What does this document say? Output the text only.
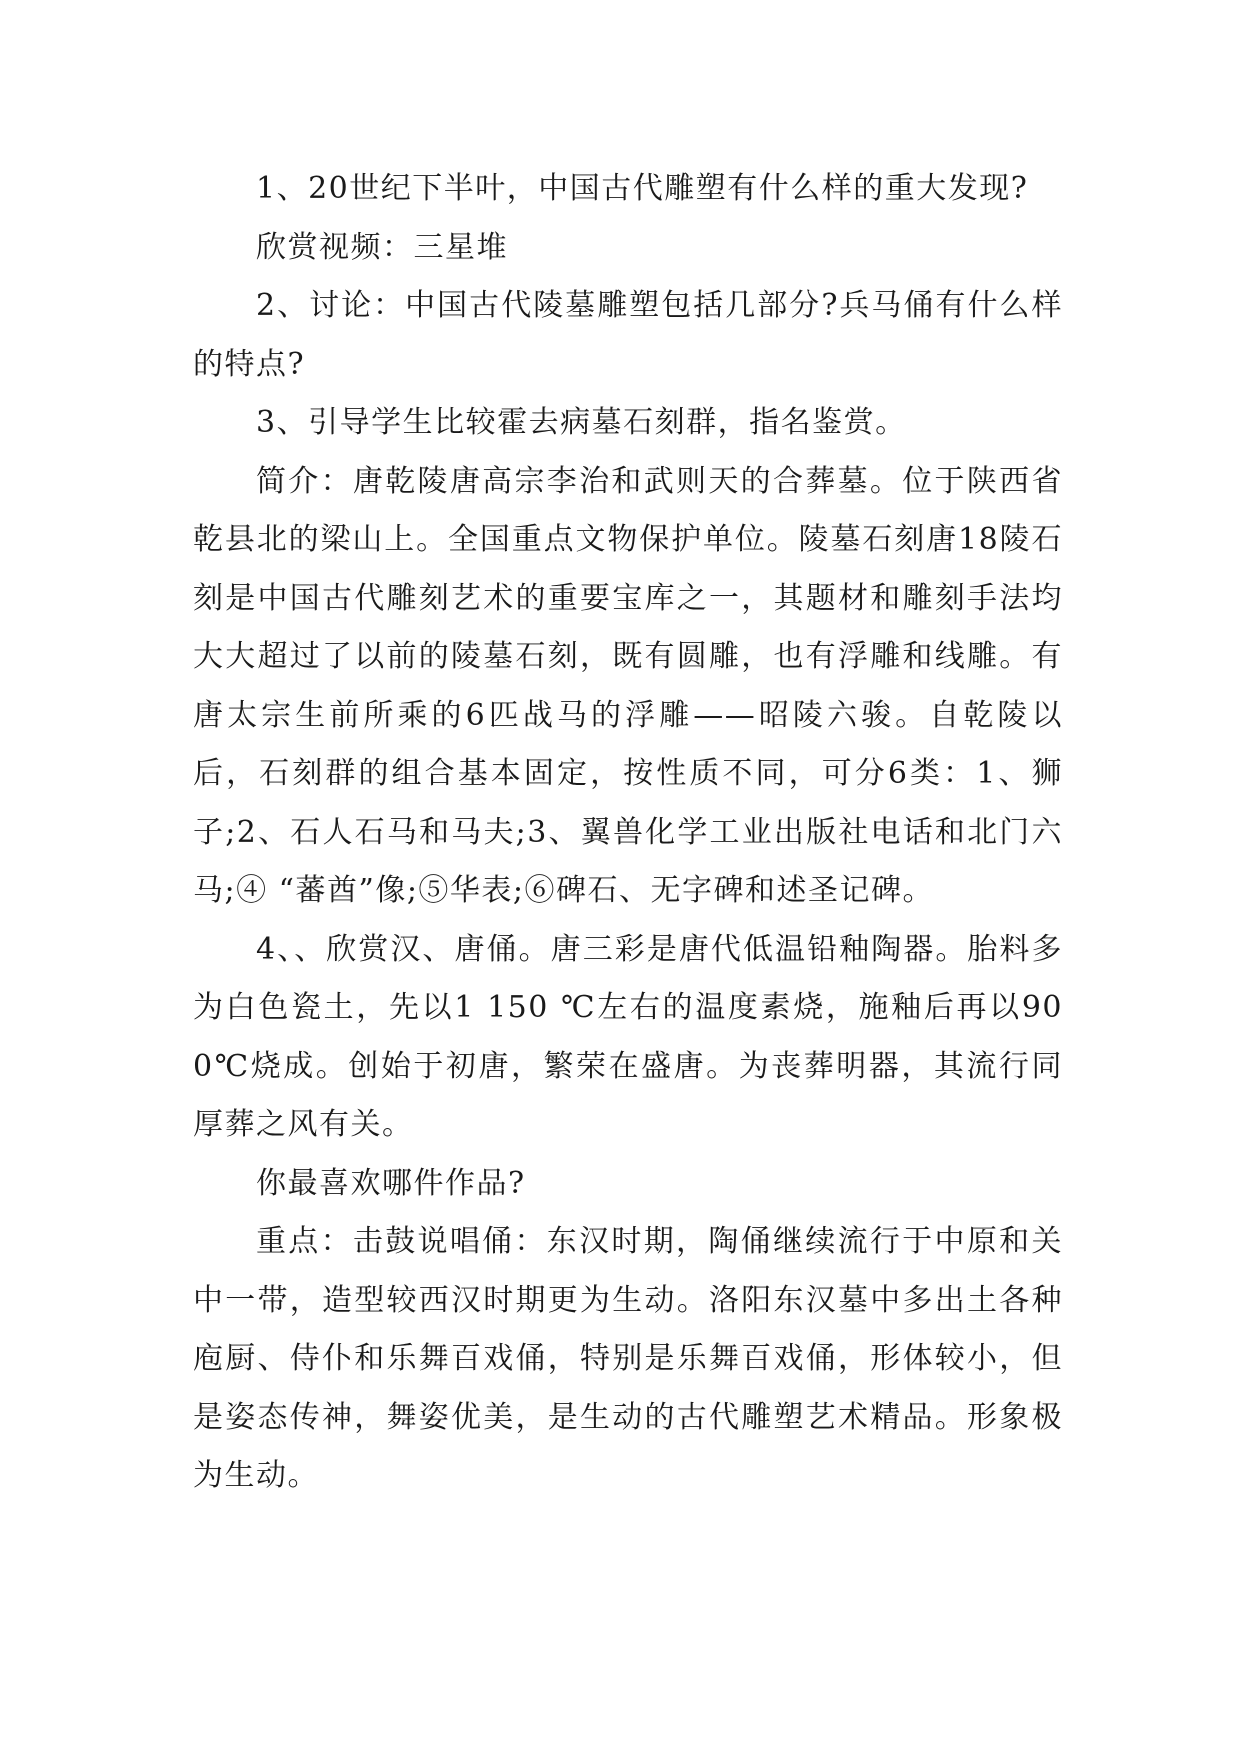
1、20世纪下半叶，中国古代雕塑有什么样的重大发现?

欣赏视频：三星堆

2、讨论：中国古代陵墓雕塑包括几部分?兵马俑有什么样的特点?

3、引导学生比较霍去病墓石刻群，指名鉴赏。

简介：唐乾陵唐高宗李治和武则天的合葬墓。位于陕西省乾县北的梁山上。全国重点文物保护单位。陵墓石刻唐18陵石刻是中国古代雕刻艺术的重要宝库之一，其题材和雕刻手法均大大超过了以前的陵墓石刻，既有圆雕，也有浮雕和线雕。有唐太宗生前所乘的6匹战马的浮雕——昭陵六骏。自乾陵以后，石刻群的组合基本固定，按性质不同，可分6类：1、狮子;2、石人石马和马夫;3、翼兽化学工业出版社电话和北门六马;④ “蕃酋”像;⑤华表;⑥碑石、无字碑和述圣记碑。

4、、欣赏汉、唐俑。唐三彩是唐代低温铅釉陶器。胎料多为白色瓷土，先以1 150 ℃左右的温度素烧，施釉后再以900℃烧成。创始于初唐，繁荣在盛唐。为丧葬明器，其流行同厚葬之风有关。

你最喜欢哪件作品?

重点：击鼓说唱俑：东汉时期，陶俑继续流行于中原和关中一带，造型较西汉时期更为生动。洛阳东汉墓中多出土各种庖厨、侍仆和乐舞百戏俑，特别是乐舞百戏俑，形体较小，但是姿态传神，舞姿优美，是生动的古代雕塑艺术精品。形象极为生动。
